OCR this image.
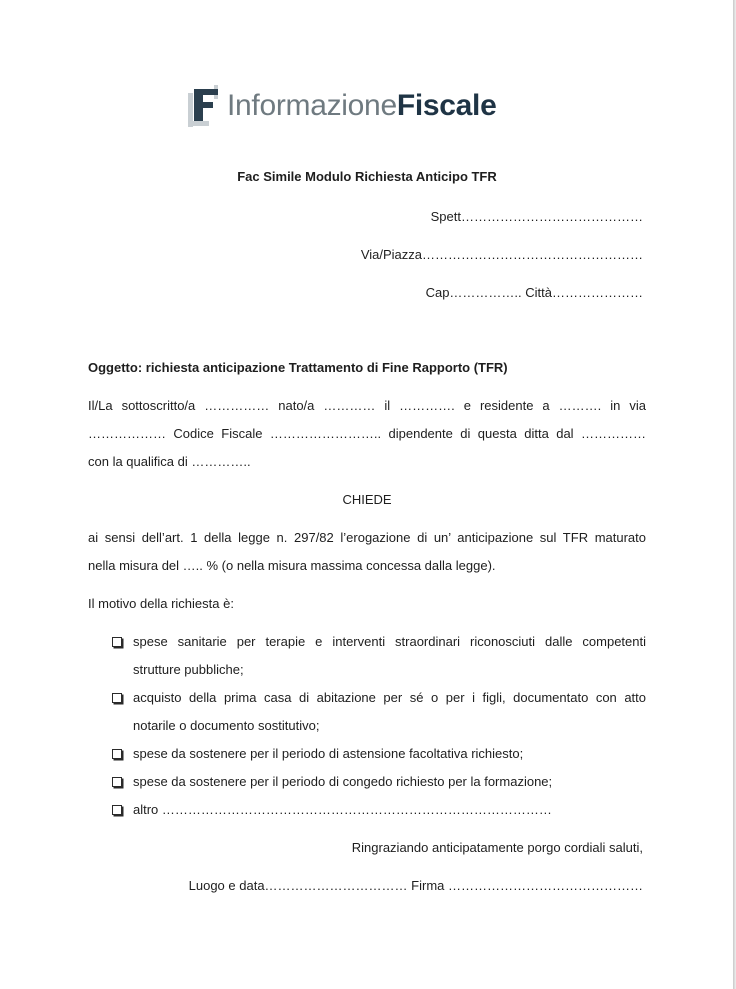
InformazioneFiscale
Fac Simile Modulo Richiesta Anticipo TFR
Spett……………………………………
Via/Piazza……………………………………………
Cap…………….. Città…………………
Oggetto: richiesta anticipazione Trattamento di Fine Rapporto (TFR)
Il/La sottoscritto/a …………… nato/a ………… il …………. e residente a ………. in via
……………… Codice Fiscale …………………….. dipendente di questa ditta dal ……………
con la qualifica di …………..
CHIEDE
ai sensi dell’art. 1 della legge n. 297/82 l’erogazione di un’ anticipazione sul TFR maturato
nella misura del ….. % (o nella misura massima concessa dalla legge).
Il motivo della richiesta è:
spese sanitarie per terapie e interventi straordinari riconosciuti dalle competenti
strutture pubbliche;
acquisto della prima casa di abitazione per sé o per i figli, documentato con atto
notarile o documento sostitutivo;
spese da sostenere per il periodo di astensione facoltativa richiesto;
spese da sostenere per il periodo di congedo richiesto per la formazione;
altro ………………………………………………………………………………
Ringraziando anticipatamente porgo cordiali saluti,
Luogo e data…………………………… Firma ………………………………………
